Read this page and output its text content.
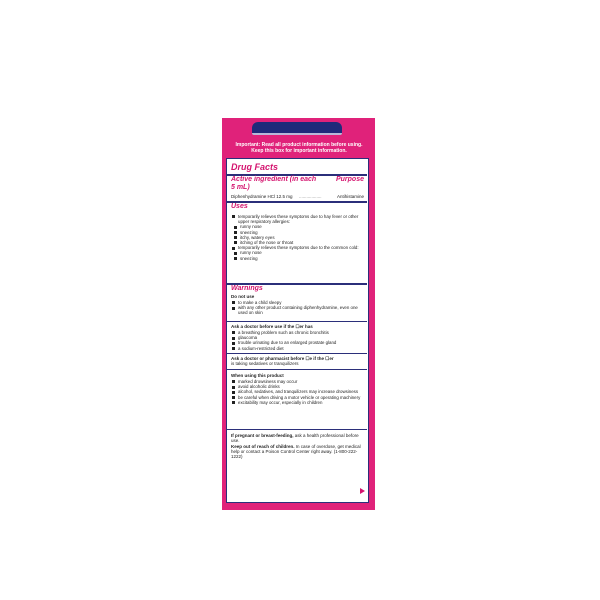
Important: Read all product information before using. Keep this box for important information.
Drug Facts
Active ingredient (in each 5 mL)
Purpose
Diphenhydramine HCl 12.5 mg ..................	Antihistamine
Uses
temporarily relieves these symptoms due to hay fever or other upper respiratory allergies:
runny nose
sneezing
itchy, watery eyes
itching of the nose or throat
temporarily relieves these symptoms due to the common cold:
runny nose
sneezing
Warnings
Do not use
to make a child sleepy
with any other product containing diphenhydramine, even one used on skin
Ask a doctor before use if the ☐er has
a breathing problem such as chronic bronchitis
glaucoma
trouble urinating due to an enlarged prostate gland
a sodium-restricted diet
Ask a doctor or pharmacist before ☐e if the ☐er
is taking sedatives or tranquilizers
When using this product
marked drowsiness may occur
avoid alcoholic drinks
alcohol, sedatives, and tranquilizers may increase drowsiness
be careful when driving a motor vehicle or operating machinery
excitability may occur, especially in children
If pregnant or breast-feeding, ask a health professional before use.
Keep out of reach of children. In case of overdose, get medical help or contact a Poison Control Center right away. (1-800-222-1222)
